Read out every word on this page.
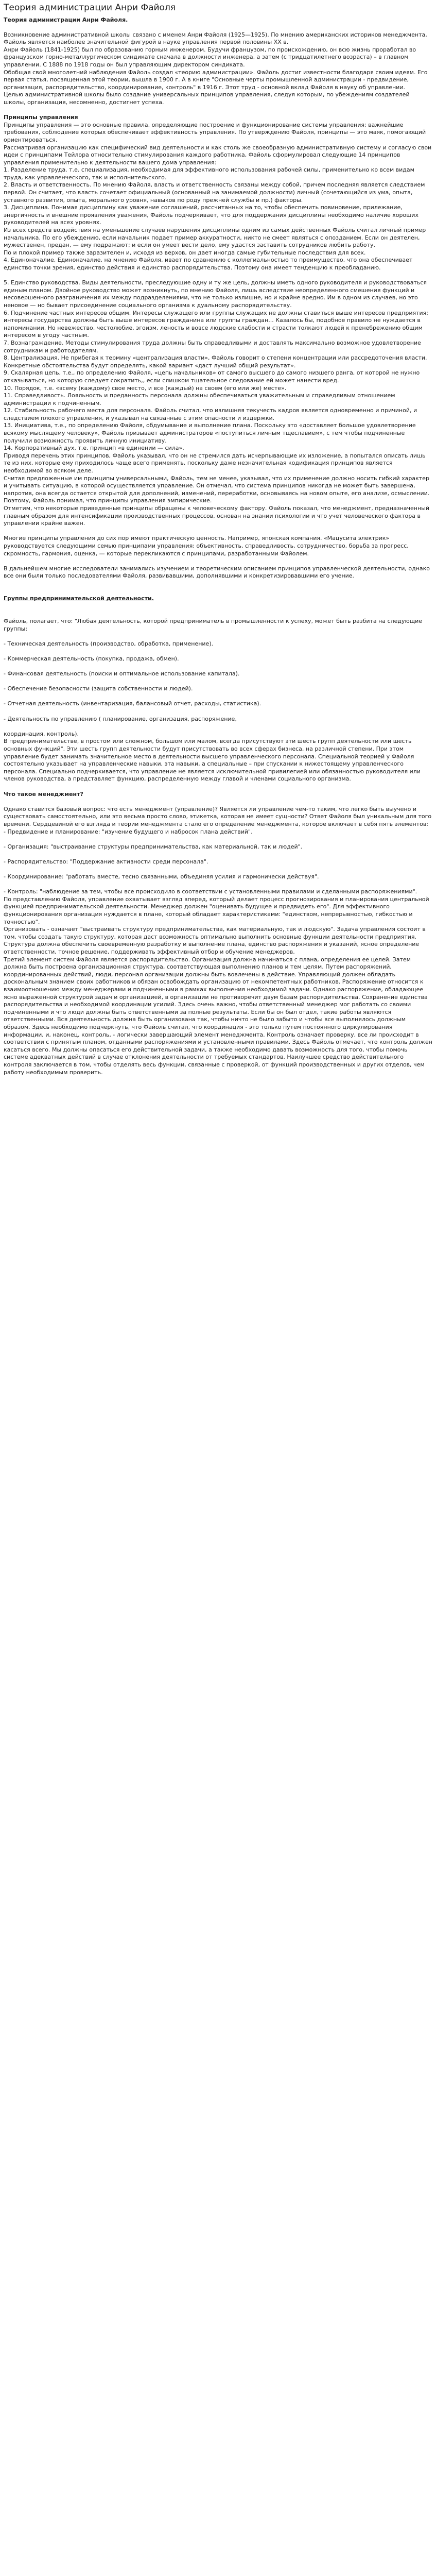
Теория администрации Анри Файоля

Теория администрации Анри Файоля.

Возникновение административной школы связано с именем Анри Файоля (1925—1925). По мнению американских историков менеджмента, Файоль является наиболее значительной фигурой в науке управления первой половины XX в.

Анри Файоль (1841-1925) был по образованию горным инженером. Будучи французом, по происхождению, он всю жизнь проработал во французском горно-металлургическом синдикате сначала в должности инженера, а затем (с тридцатилетнего возраста) – в главном управлении. С 1888 по 1918 годы он был управляющим директором синдиката.

Обобщая свой многолетний наблюдения Файоль создал «теорию администрации». Файоль достиг известности благодаря своим идеям. Его первая статья, посвященная этой теории, вышла в 1900 г. А в книге "Основные черты промышленной администрации - предвидение, организация, распорядительство, координирование, контроль" в 1916 г. Этот труд - основной вклад Файоля в науку об управлении.

Целью административной школы было создание универсальных принципов управления, следуя которым, по убеждениям создателей школы, организация, несомненно, достигнет успеха.

Принципы управления

Принципы управления — это основные правила, определяющие построение и функционирование системы управления; важнейшие требования, соблюдение которых обеспечивает эффективность управления. По утверждению Файоля, принципы — это маяк, помогающий ориентироваться.

Рассматривая организацию как специфический вид деятельности и как столь же своеобразную административную систему и согласую свои идеи с принципами Тейлора относительно стимулирования каждого работника, Файоль сформулировал следующие 14 принципов управления применительно к деятельности вашего дома управления:

1. Разделение труда. т.е. специализация, необходимая для эффективного использования рабочей силы, применительно ко всем видам труда, как управленческого, так и исполнительского.

2. Власть и ответственность. По мнению Файоля, власть и ответственность связаны между собой, причем последняя является следствием первой. Он считает, что власть сочетает официальный (основанный на занимаемой должности) личный (сочетающийся из ума, опыта, уставного развития, опыта, морального уровня, навыков по роду прежней службы и пр.) факторы.

3. Дисциплина. Понимая дисциплину как уважение соглашений, рассчитанных на то, чтобы обеспечить повиновение, прилежание, энергичность и внешние проявления уважения, Файоль подчеркивает, что для поддержания дисциплины необходимо наличие хороших руководителей на всех уровнях.

Из всех средств воздействия на уменьшение случаев нарушения дисциплины одним из самых действенных Файоль считал личный пример начальника. По его убеждению, если начальник подает пример аккуратности, никто не смеет являться с опозданием. Если он деятелен, мужественен, предан, — ему подражают; и если он умеет вести дело, ему удастся заставить сотрудников любить работу.

По и плохой пример также заразителен и, исходя из верхов, он дает иногда самые губительные последствия для всех.

4. Единоначалие. Единоначалие, на мнению Файоля, ивает по сравнению с коллегиальностью то преимущество, что она обеспечивает единство точки зрения, единство действия и единство распорядительства. Поэтому она имеет тенденцию к преобладанию.

5. Единство руководства. Виды деятельности, преследующие одну и ту же цель, должны иметь одного руководителя и руководствоваться единым планом. Двойное руководство может возникнуть, по мнению Файоля, лишь вследствие неопределенного смешения функций и несовершенного разграничения их между подразделениями, что не только излишне, но и крайне вредно. Им в одном из случаев, но это неновое — но бывает присоединение социального организма к дуальному распорядительству.

6. Подчинение частных интересов общим. Интересы служащего или группы служащих не должны ставиться выше интересов предприятия; интересы государства должны быть выше интересов гражданина или группы граждан... Казалось бы, подобное правило не нуждается в напоминании. Но невежество, честолюбие, эгоизм, леность и вовсе людские слабости и страсти толкают людей к пренебрежению общим интересом в угоду частным.

7. Вознаграждение. Методы стимулирования труда должны быть справедливыми и доставлять максимально возможное удовлетворение сотрудникам и работодателям.

8. Централизация. Не прибегая к термину «централизация власти», Файоль говорит о степени концентрации или рассредоточения власти. Конкретные обстоятельства будут определять, какой вариант «даст лучший общий результат».

9. Скалярная цепь, т.е., по определению Файоля, «цепь начальников» от самого высшего до самого низшего ранга, от которой не нужно отказываться, но которую следует сократить,, если слишком тщательное следование ей может нанести вред.

10. Порядок, т.е. «всему (каждому) свое место, и все (каждый) на своем (его или же) месте».

11. Справедливость. Лояльность и преданность персонала должны обеспечиваться уважительным и справедливым отношением администрации к подчиненным.

12. Стабильность рабочего места для персонала. Файоль считал, что излишняя текучесть кадров является одновременно и причиной, и следствием плохого управления, и указывал на связанные с этим опасности и издержки.

13. Инициатива, т.е., по определению Файоля, обдумывание и выполнение плана. Поскольку это «доставляет большое удовлетворение всякому мыслящему человеку», Файоль призывает администраторов «поступиться личным тщеславием», с тем чтобы подчиненные получили возможность проявить личную инициативу.

14. Корпоративный дух, т.е. принцип «в единении — сила».

Приводя перечень этих принципов, Файоль указывал, что он не стремился дать исчерпывающие их изложение, а попытался описать лишь те из них, которые ему приходилось чаще всего применять, поскольку даже незначительная кодификация принципов является необходимой во всяком деле.

Считая предложенные им принципы универсальными, Файоль, тем не менее, указывал, что их применение должно носить гибкий характер и учитывать ситуацию, в которой осуществляется управление. Он отмечал, что система принципов никогда не может быть завершена, напротив, она всегда остается открытой для дополнений, изменений, переработки, основываясь на новом опыте, его анализе, осмыслении. Поэтому, Файоль понимал, что принципы управления эмпирические.

Отметим, что некоторые приведенные принципы обращены к человеческому фактору. Файоль показал, что менеджмент, предназначенный главным образом для интенсификации производственных процессов, основан на знании психологии и что учет человеческого фактора в управлении крайне важен.

Многие принципы управления до сих пор имеют практическую ценность. Например, японская компания. «Мацусита электрик» руководствуется следующими семью принципами управления: объективность, справедливость, сотрудничество, борьба за прогресс, скромность, гармония, оценка, — которые перекликаются с принципами, разработанными Файолем.

В дальнейшем многие исследователи занимались изучением и теоретическим описанием принципов управленческой деятельности, однако все они были только последователями Файоля, развивавшими, дополнявшими и конкретизировавшими его учение.

Группы предпринимательской деятельности.

Файоль, полагает, что: "Любая деятельность, которой предприниматель в промышленности к успеху, может быть разбита на следующие группы:

- Техническая деятельность (производство, обработка, применение).

- Коммерческая деятельность (покупка, продажа, обмен).

- Финансовая деятельность (поиски и оптимальное использование капитала).

- Обеспечение безопасности (защита собственности и людей).

- Отчетная деятельность (инвентаризация, балансовый отчет, расходы, статистика).

- Деятельность по управлению ( планирование, организация, распоряжение,

координация, контроль).

В предпринимательстве, в простом или сложном, большом или малом, всегда присутствуют эти шесть групп деятельности или шесть основных функций". Эти шесть групп деятельности будут присутствовать во всех сферах бизнеса, на различной степени. При этом управление будет занимать значительное место в деятельности высшего управленческого персонала. Специальной теорией у Файоля состоятельно указывает на управленческие навыки, эта навыки, а специальные – при спускании к нижестоящему управленческого персонала. Специально подчеркивается, что управление не является исключительной привилегией или обязанностью руководителя или членов руководства, а представляет функцию, распределенную между главой и членами социального организма.

Что такое менеджмент?

Однако ставится базовый вопрос: что есть менеджмент (управление)? Является ли управление чем-то таким, что легко быть выучено и существовать самостоятельно, или это весьма просто слово, этикетка, которая не имеет сущности? Ответ Файоля был уникальным для того времени. Сердцевиной его взгляда и теории менеджмента стало его определение менеджмента, которое включает в себя пять элементов:

- Предвидение и планирование: "изучение будущего и набросок плана действий".

- Организация: "выстраивание структуры предпринимательства, как материальной, так и людей".

- Распорядительство: "Поддержание активности среди персонала".

- Координирование: "работать вместе, тесно связанными, объединяя усилия и гармонически действуя".

- Контроль: "наблюдение за тем, чтобы все происходило в соответствии с установленными правилами и сделанными распоряжениями".

По представлению Файоля, управление охватывает взгляд вперед, который делает процесс прогнозирования и планирования центральной функцией предпринимательской деятельности. Менеджер должен "оценивать будущее и предвидеть его". Для эффективного функционирования организация нуждается в плане, который обладает характеристиками: "единством, непрерывностью, гибкостью и точностью".

Организовать - означает "выстраивать структуру предпринимательства, как материальную, так и людскую". Задача управления состоит в том, чтобы создать такую структуру, которая даст возможность оптимально выполнить основные функции деятельности предприятия. Структура должна обеспечить своевременную разработку и выполнение плана, единство распоряжения и указаний, ясное определение ответственности, точное решение, поддерживать эффективный отбор и обучение менеджеров.

Третий элемент систем Файоля является распорядительство. Организация должна начинаться с плана, определения ее целей. Затем должна быть построена организационная структура, соответствующая выполнению планов и тем целям. Путем распоряжений, координированных действий, люди, персонал организации должны быть вовлечены в действие. Управляющий должен обладать доскональным знанием своих работников и обязан освобождать организацию от некомпетентных работников. Распоряжение относится к взаимоотношению между менеджерами и подчиненными в рамках выполнения необходимой задачи. Однако распоряжение, обладающее ясно выраженной структурой задач и организацией, в организации не противоречит двум базам распорядительства. Сохранение единства распорядительства и необходимой координации усилий. Здесь очень важно, чтобы ответственный менеджер мог работать со своими подчиненными и что люди должны быть ответственными за полные результаты. Если бы он был отдел, такие работы являются ответственными. Вся деятельность должна быть организована так, чтобы ничто не было забыто и чтобы все выполнялось должным образом. Здесь необходимо подчеркнуть, что Файоль считал, что координация - это только путем постоянного циркулирования информации, и, наконец, контроль, - логически завершающий элемент менеджмента. Контроль означает проверку, все ли происходит в соответствии с принятым планом, отданными распоряжениями и установленными правилами. Здесь Файоль отмечает, что контроль должен касаться всего. Мы должны опасаться его действительной задачи, а также необходимо давать возможность для того, чтобы помочь системе адекватных действий в случае отклонения деятельности от требуемых стандартов. Наилучшее средство действительного контроля заключается в том, чтобы отделять весь функции, связанные с проверкой, от функций производственных и других отделов, чем работу необходимым проверить.
